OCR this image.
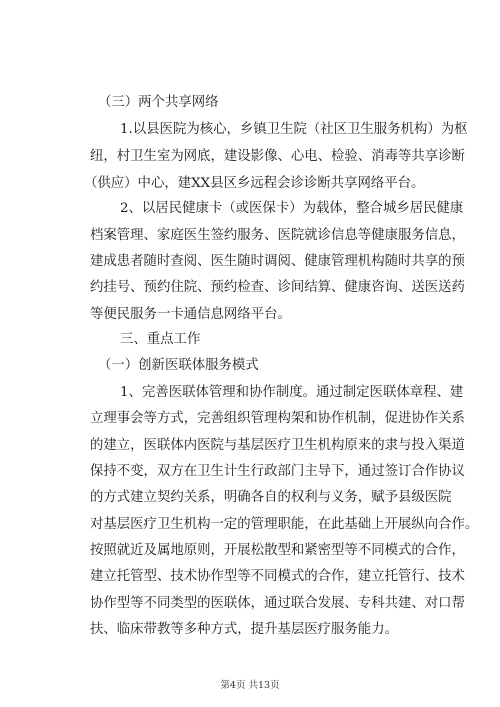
（三）两个共享网络
1.以县医院为核心，乡镇卫生院（社区卫生服务机构）为枢
纽，村卫生室为网底，建设影像、心电、检验、消毒等共享诊断
（供应）中心，建XX县区乡远程会诊诊断共享网络平台。
2、以居民健康卡（或医保卡）为载体，整合城乡居民健康
档案管理、家庭医生签约服务、医院就诊信息等健康服务信息，
建成患者随时查阅、医生随时调阅、健康管理机构随时共享的预
约挂号、预约住院、预约检查、诊间结算、健康咨询、送医送药
等便民服务一卡通信息网络平台。
三、重点工作
（一）创新医联体服务模式
1、完善医联体管理和协作制度。通过制定医联体章程、建
立理事会等方式，完善组织管理构架和协作机制，促进协作关系
的建立，医联体内医院与基层医疗卫生机构原来的隶与投入渠道
保持不变，双方在卫生计生行政部门主导下，通过签订合作协议
的方式建立契约关系，明确各自的权利与义务，赋予县级医院
对基层医疗卫生机构一定的管理职能，在此基础上开展纵向合作。
按照就近及属地原则，开展松散型和紧密型等不同模式的合作，
建立托管型、技术协作型等不同模式的合作，建立托管行、技术
协作型等不同类型的医联体，通过联合发展、专科共建、对口帮
扶、临床带教等多种方式，提升基层医疗服务能力。
第4页 共13页
